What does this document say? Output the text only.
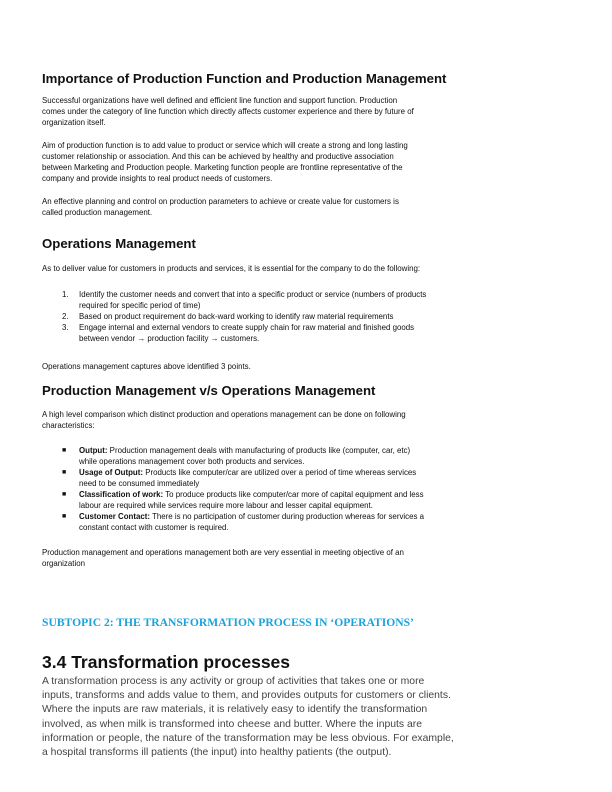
Importance of Production Function and Production Management
Successful organizations have well defined and efficient line function and support function. Production
comes under the category of line function which directly affects customer experience and there by future of
organization itself.
Aim of production function is to add value to product or service which will create a strong and long lasting
customer relationship or association. And this can be achieved by healthy and productive association
between Marketing and Production people. Marketing function people are frontline representative of the
company and provide insights to real product needs of customers.
An effective planning and control on production parameters to achieve or create value for customers is
called production management.
Operations Management
As to deliver value for customers in products and services, it is essential for the company to do the following:
1. Identify the customer needs and convert that into a specific product or service (numbers of products
required for specific period of time)
2. Based on product requirement do back-ward working to identify raw material requirements
3. Engage internal and external vendors to create supply chain for raw material and finished goods
between vendor → production facility → customers.
Operations management captures above identified 3 points.
Production Management v/s Operations Management
A high level comparison which distinct production and operations management can be done on following
characteristics:
■ Output: Production management deals with manufacturing of products like (computer, car, etc)
while operations management cover both products and services.
■ Usage of Output: Products like computer/car are utilized over a period of time whereas services
need to be consumed immediately
■ Classification of work: To produce products like computer/car more of capital equipment and less
labour are required while services require more labour and lesser capital equipment.
■ Customer Contact: There is no participation of customer during production whereas for services a
constant contact with customer is required.
Production management and operations management both are very essential in meeting objective of an
organization
SUBTOPIC 2: THE TRANSFORMATION PROCESS IN ‘OPERATIONS’
3.4 Transformation processes
A transformation process is any activity or group of activities that takes one or more
inputs, transforms and adds value to them, and provides outputs for customers or clients.
Where the inputs are raw materials, it is relatively easy to identify the transformation
involved, as when milk is transformed into cheese and butter. Where the inputs are
information or people, the nature of the transformation may be less obvious. For example,
a hospital transforms ill patients (the input) into healthy patients (the output).
